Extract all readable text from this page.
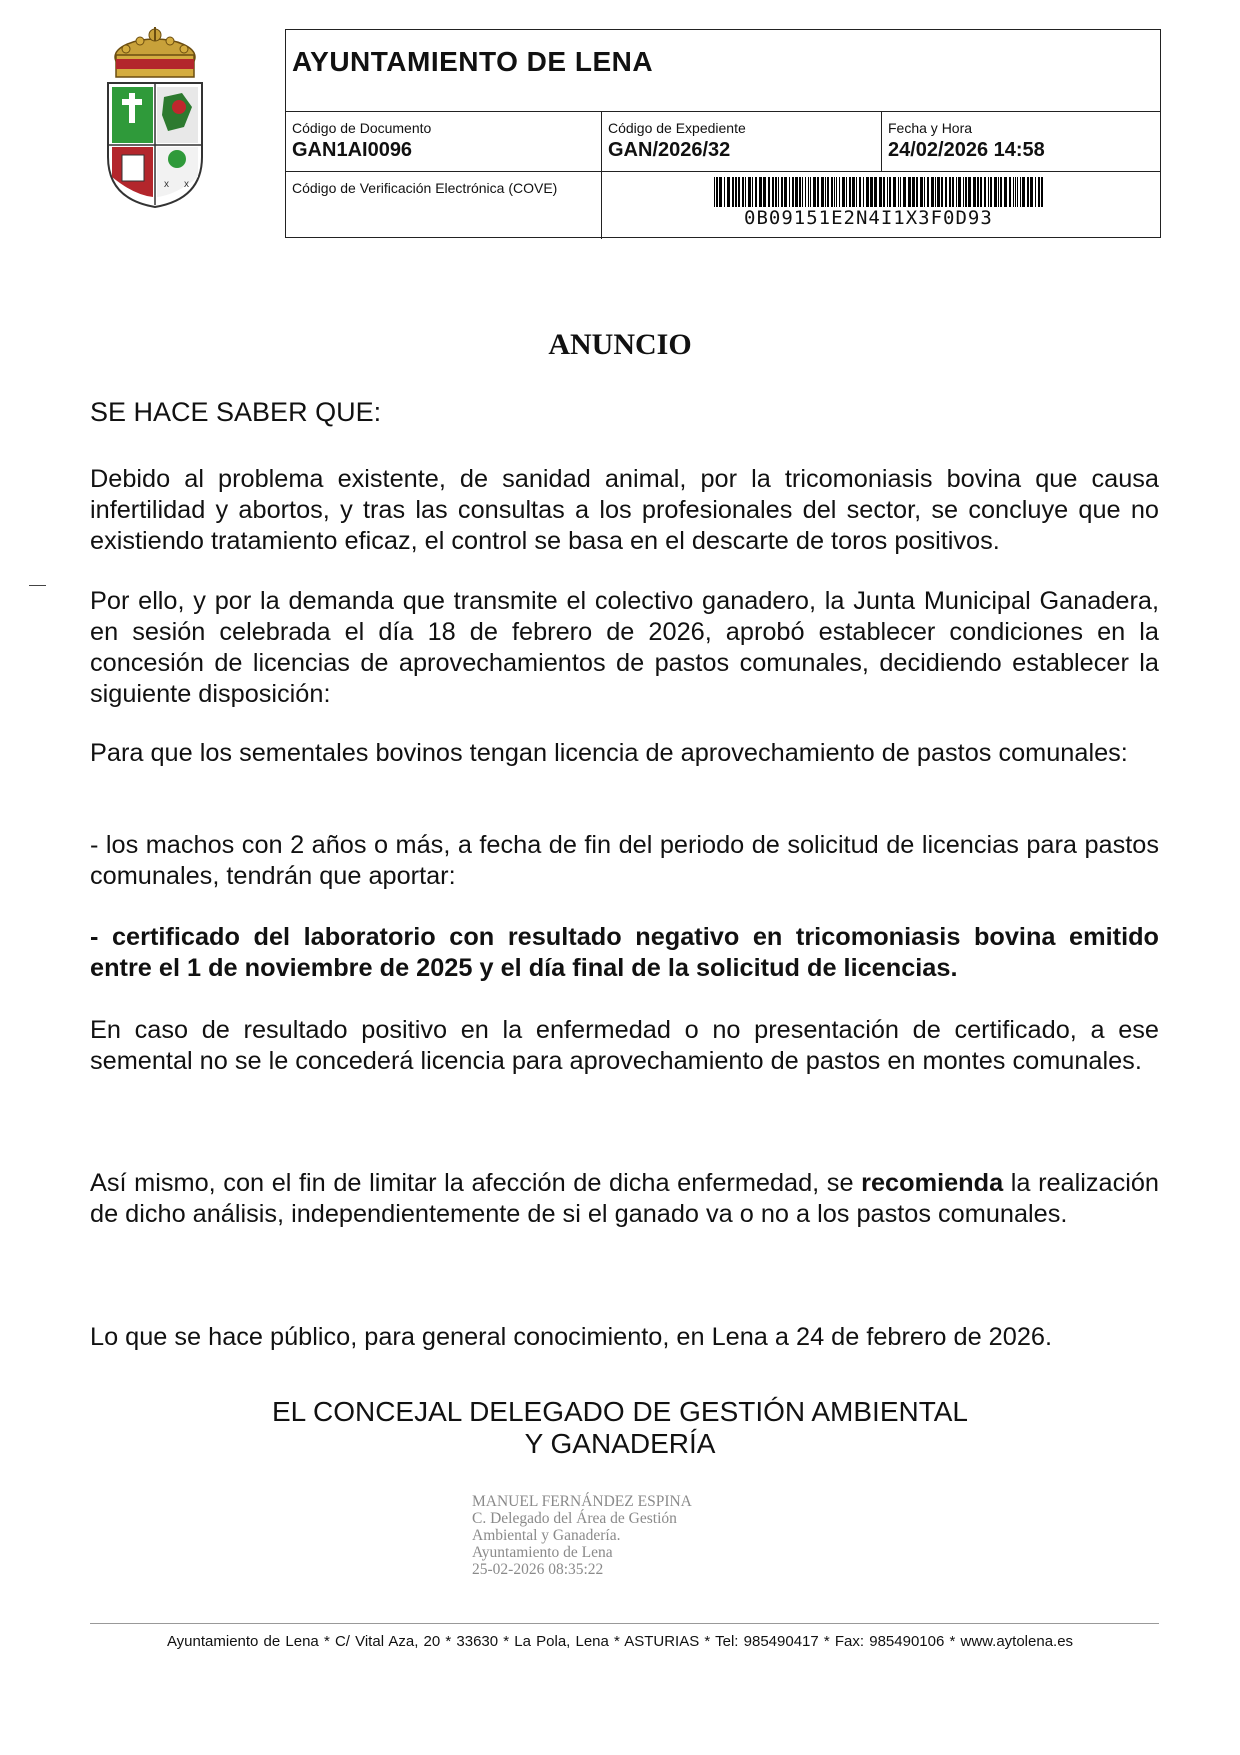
x x
AYUNTAMIENTO DE LENA
Código de Documento
GAN1AI0096
Código de Expediente
GAN/2026/32
Fecha y Hora
24/02/2026 14:58
Código de Verificación Electrónica (COVE)
0B09151E2N4I1X3F0D93
ANUNCIO

SE HACE SABER QUE:

Debido al problema existente, de sanidad animal, por la tricomoniasis bovina que causa infertilidad y abortos, y tras las consultas a los profesionales del sector, se concluye que no existiendo tratamiento eficaz, el control se basa en el descarte de toros positivos.

Por ello, y por la demanda que transmite el colectivo ganadero, la Junta Municipal Ganadera, en sesión celebrada el día 18 de febrero de 2026, aprobó establecer condiciones en la concesión de licencias de aprovechamientos de pastos comunales, decidiendo establecer la siguiente disposición:

Para que los sementales bovinos tengan licencia de aprovechamiento de pastos comunales:

- los machos con 2 años o más, a fecha de fin del periodo de solicitud de licencias para pastos comunales, tendrán que aportar:

- certificado del laboratorio con resultado negativo en tricomoniasis bovina emitido entre el 1 de noviembre de 2025 y el día final de la solicitud de licencias.

En caso de resultado positivo en la enfermedad o no presentación de certificado, a ese semental no se le concederá licencia para aprovechamiento de pastos en montes comunales.

Así mismo, con el fin de limitar la afección de dicha enfermedad, se recomienda la realización de dicho análisis, independientemente de si el ganado va o no a los pastos comunales.

Lo que se hace público, para general conocimiento, en Lena a 24 de febrero de 2026.

EL CONCEJAL DELEGADO DE GESTIÓN AMBIENTAL
Y GANADERÍA
MANUEL FERNÁNDEZ ESPINA
C. Delegado del Área de Gestión
Ambiental y Ganadería.
Ayuntamiento de Lena
25-02-2026 08:35:22
Ayuntamiento de Lena * C/ Vital Aza, 20 * 33630 * La Pola, Lena * ASTURIAS * Tel: 985490417 * Fax: 985490106 * www.aytolena.es
